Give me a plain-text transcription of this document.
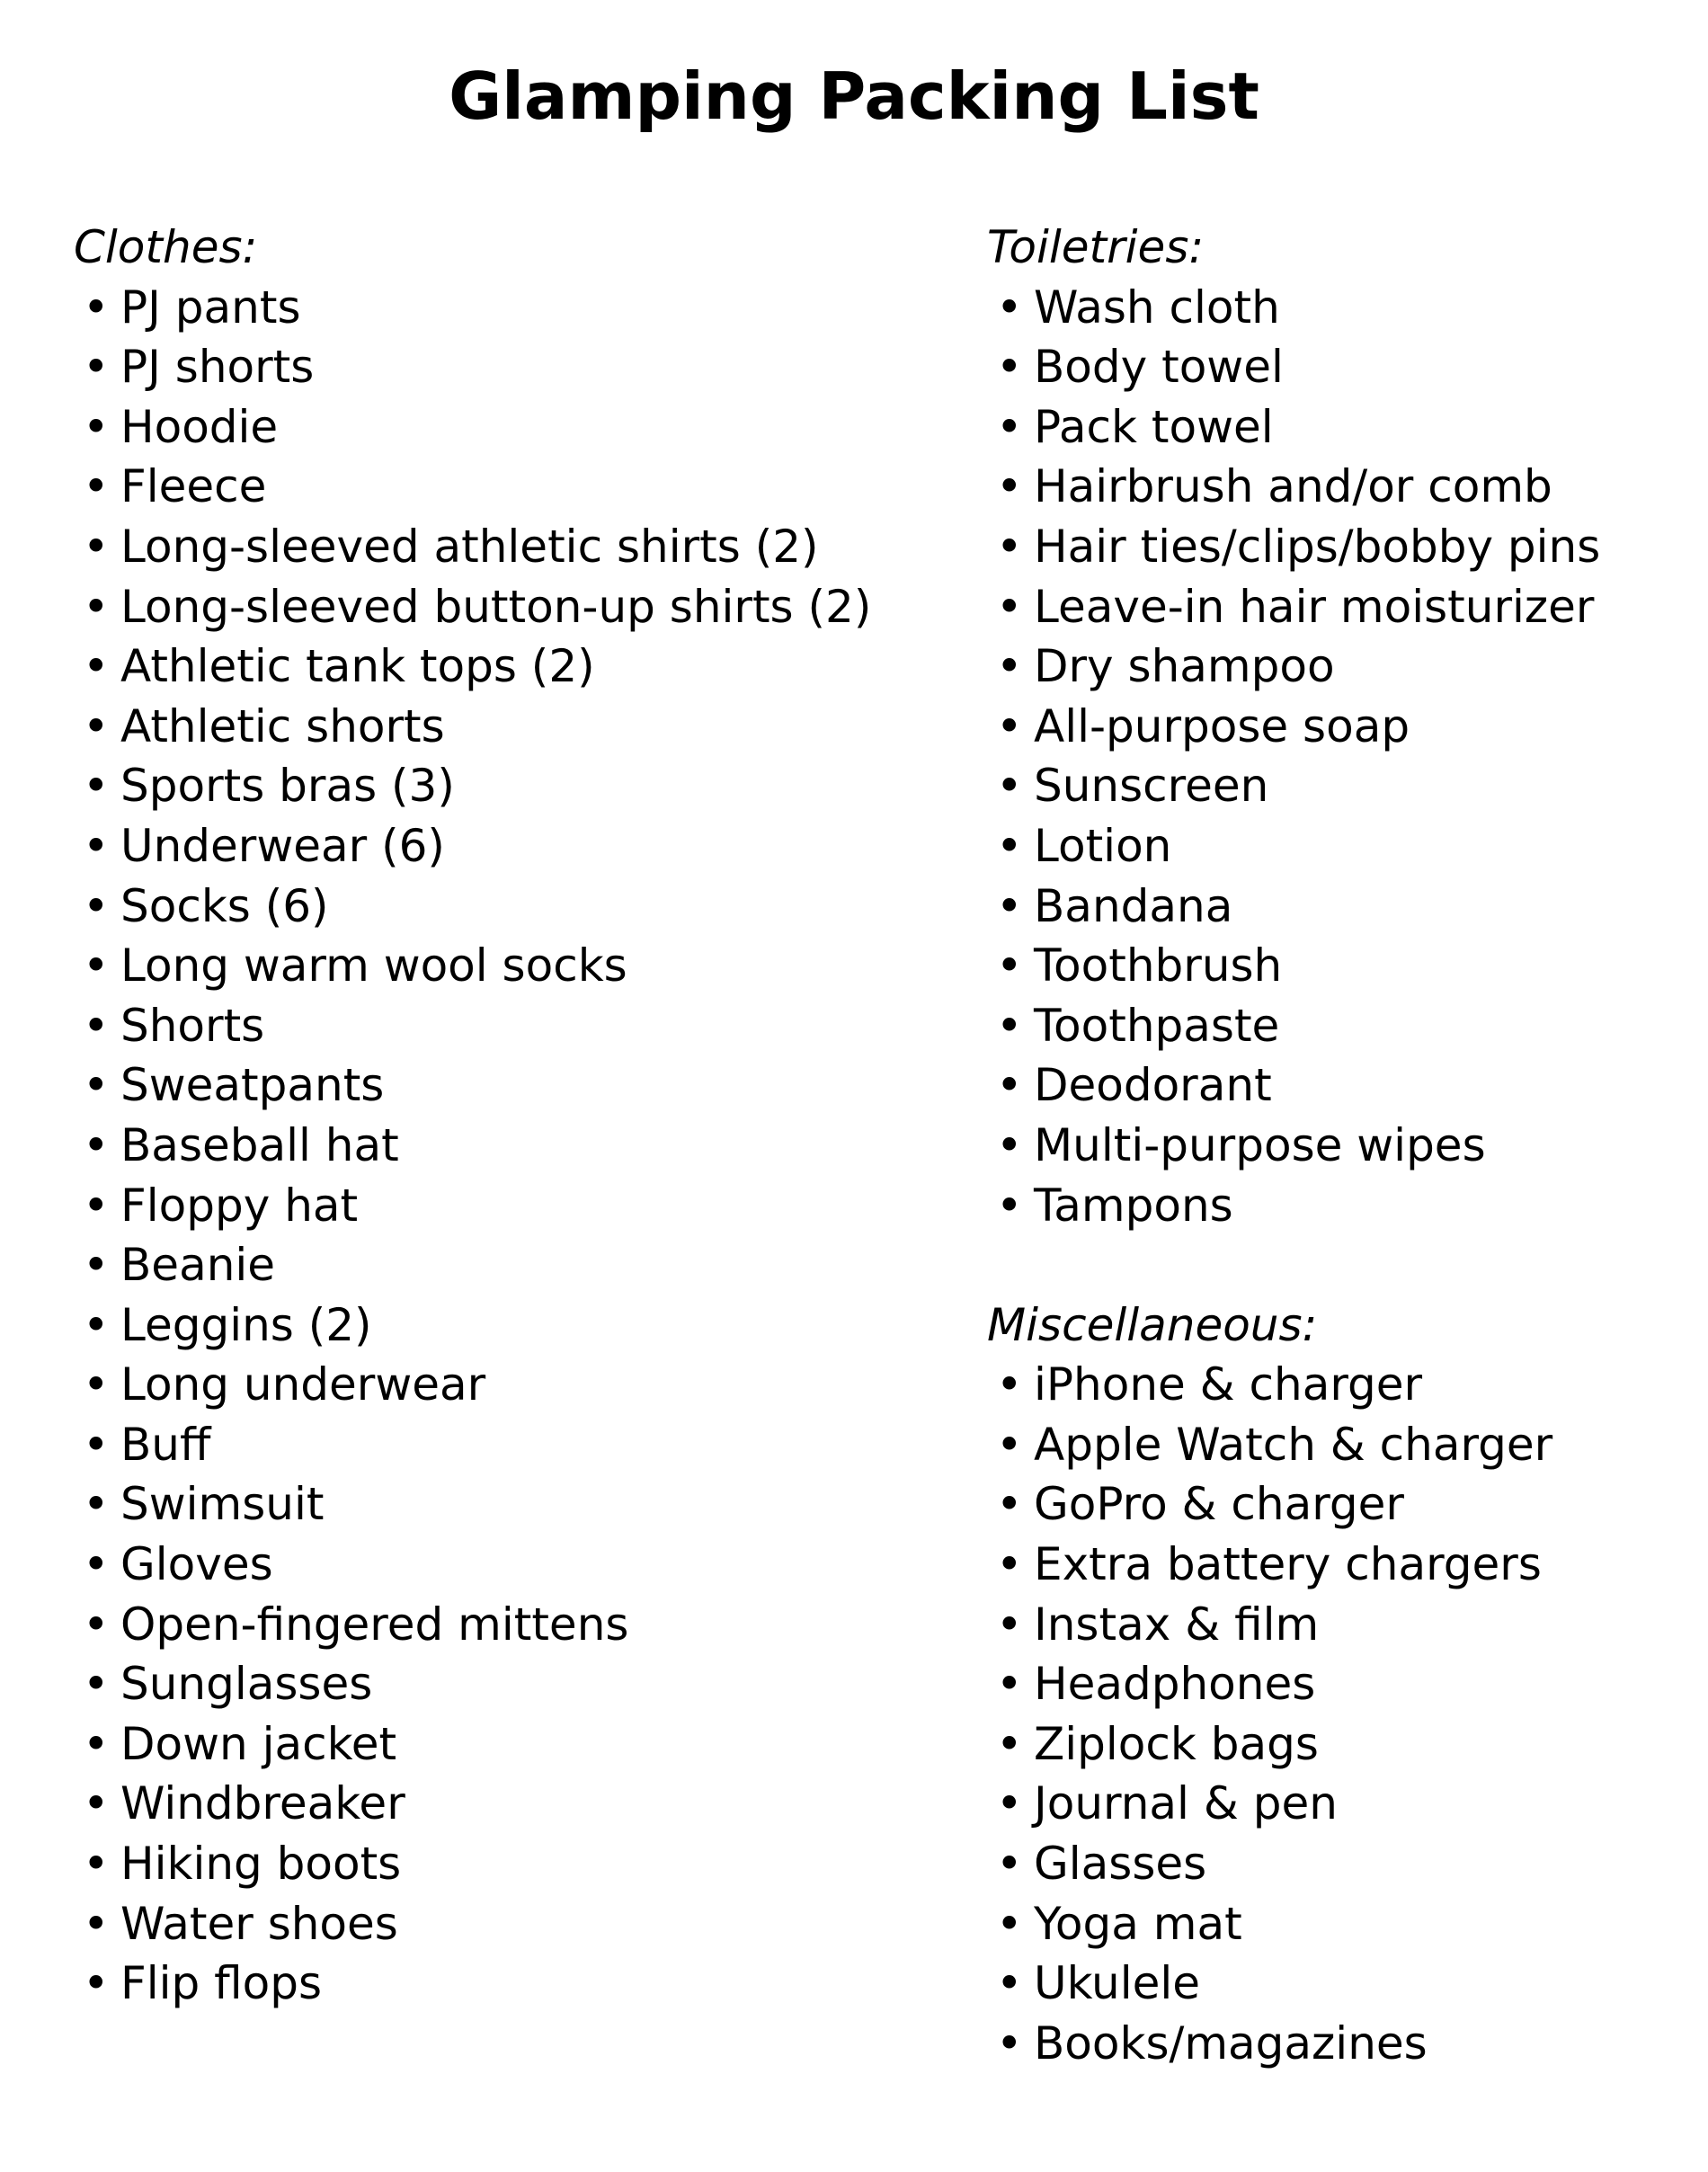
Glamping Packing List
Clothes:
• PJ pants
• PJ shorts
• Hoodie
• Fleece
• Long-sleeved athletic shirts (2)
• Long-sleeved button-up shirts (2)
• Athletic tank tops (2)
• Athletic shorts
• Sports bras (3)
• Underwear (6)
• Socks (6)
• Long warm wool socks
• Shorts
• Sweatpants
• Baseball hat
• Floppy hat
• Beanie
• Leggins (2)
• Long underwear
• Buff
• Swimsuit
• Gloves
• Open-fingered mittens
• Sunglasses
• Down jacket
• Windbreaker
• Hiking boots
• Water shoes
• Flip flops
Toiletries:
• Wash cloth
• Body towel
• Pack towel
• Hairbrush and/or comb
• Hair ties/clips/bobby pins
• Leave-in hair moisturizer
• Dry shampoo
• All-purpose soap
• Sunscreen
• Lotion
• Bandana
• Toothbrush
• Toothpaste
• Deodorant
• Multi-purpose wipes
• Tampons
Miscellaneous:
• iPhone & charger
• Apple Watch & charger
• GoPro & charger
• Extra battery chargers
• Instax & film
• Headphones
• Ziplock bags
• Journal & pen
• Glasses
• Yoga mat
• Ukulele
• Books/magazines
